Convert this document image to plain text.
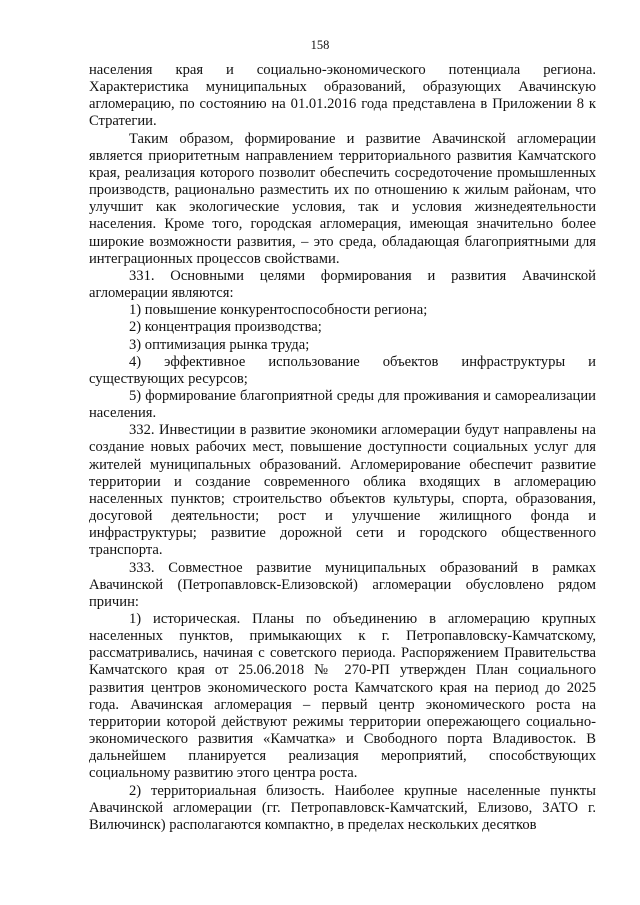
158

населения края и социально-экономического потенциала региона. Характеристика муниципальных образований, образующих Авачинскую агломерацию, по состоянию на 01.01.2016 года представлена в Приложении 8 к Стратегии.

Таким образом, формирование и развитие Авачинской агломерации является приоритетным направлением территориального развития Камчатского края, реализация которого позволит обеспечить сосредоточение промышленных производств, рационально разместить их по отношению к жилым районам, что улучшит как экологические условия, так и условия жизнедеятельности населения. Кроме того, городская агломерация, имеющая значительно более широкие возможности развития, – это среда, обладающая благоприятными для интеграционных процессов свойствами.

331. Основными целями формирования и развития Авачинской агломерации являются:

1) повышение конкурентоспособности региона;

2) концентрация производства;

3) оптимизация рынка труда;

4) эффективное использование объектов инфраструктуры и существующих ресурсов;

5) формирование благоприятной среды для проживания и самореализации населения.

332. Инвестиции в развитие экономики агломерации будут направлены на создание новых рабочих мест, повышение доступности социальных услуг для жителей муниципальных образований. Агломерирование обеспечит развитие территории и создание современного облика входящих в агломерацию населенных пунктов; строительство объектов культуры, спорта, образования, досуговой деятельности; рост и улучшение жилищного фонда и инфраструктуры; развитие дорожной сети и городского общественного транспорта.

333. Совместное развитие муниципальных образований в рамках Авачинской (Петропавловск-Елизовской) агломерации обусловлено рядом причин:

1) историческая. Планы по объединению в агломерацию крупных населенных пунктов, примыкающих к г. Петропавловску-Камчатскому, рассматривались, начиная с советского периода. Распоряжением Правительства Камчатского края от 25.06.2018 № 270-РП утвержден План социального развития центров экономического роста Камчатского края на период до 2025 года. Авачинская агломерация – первый центр экономического роста на территории которой действуют режимы территории опережающего социально-экономического развития «Камчатка» и Свободного порта Владивосток. В дальнейшем планируется реализация мероприятий, способствующих социальному развитию этого центра роста.

2) территориальная близость. Наиболее крупные населенные пункты Авачинской агломерации (гг. Петропавловск-Камчатский, Елизово, ЗАТО г. Вилючинск) располагаются компактно, в пределах нескольких десятков
